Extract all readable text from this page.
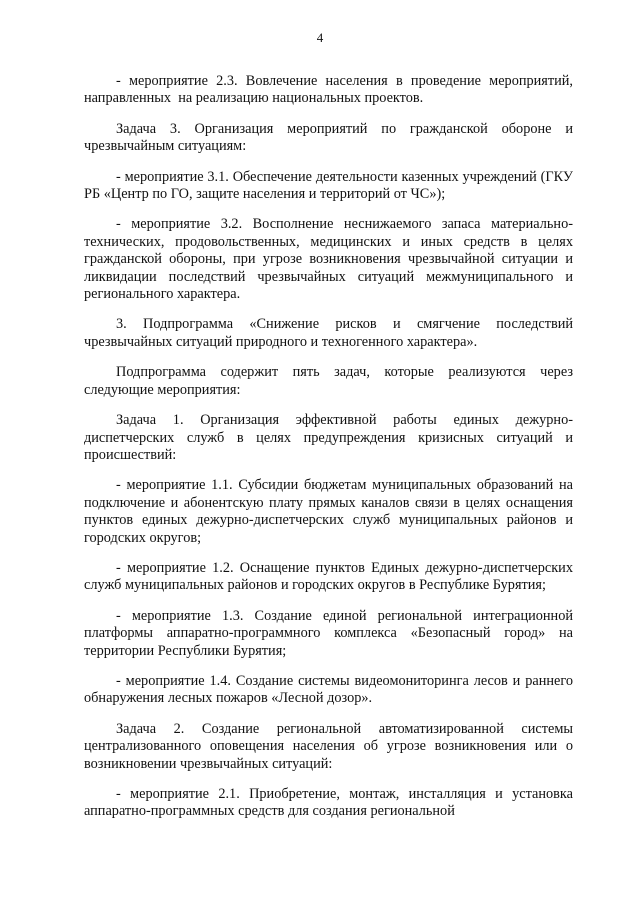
4

- мероприятие 2.3. Вовлечение населения в проведение мероприятий, направленных  на реализацию национальных проектов.

Задача 3. Организация мероприятий по гражданской обороне и чрезвычайным ситуациям:

- мероприятие 3.1. Обеспечение деятельности казенных учреждений (ГКУ РБ «Центр по ГО, защите населения и территорий от ЧС»);

- мероприятие 3.2. Восполнение неснижаемого запаса материально-технических, продовольственных, медицинских и иных средств в целях гражданской обороны, при угрозе возникновения чрезвычайной ситуации и ликвидации последствий чрезвычайных ситуаций межмуниципального и регионального характера.

3. Подпрограмма «Снижение рисков и смягчение последствий чрезвычайных ситуаций природного и техногенного характера».

Подпрограмма содержит пять задач, которые реализуются через следующие мероприятия:

Задача 1. Организация эффективной работы единых дежурно-диспетчерских служб в целях предупреждения кризисных ситуаций и происшествий:

- мероприятие 1.1. Субсидии бюджетам муниципальных образований на подключение и абонентскую плату прямых каналов связи в целях оснащения пунктов единых дежурно-диспетчерских служб муниципальных районов и городских округов;

- мероприятие 1.2. Оснащение пунктов Единых дежурно-диспетчерских служб муниципальных районов и городских округов в Республике Бурятия;

- мероприятие 1.3. Создание единой региональной интеграционной платформы аппаратно-программного комплекса «Безопасный город» на территории Республики Бурятия;

- мероприятие 1.4. Создание системы видеомониторинга лесов и раннего обнаружения лесных пожаров «Лесной дозор».

Задача 2. Создание региональной автоматизированной системы централизованного оповещения населения об угрозе возникновения или о возникновении чрезвычайных ситуаций:

- мероприятие 2.1. Приобретение, монтаж, инсталляция и установка аппаратно-программных средств для создания региональной
